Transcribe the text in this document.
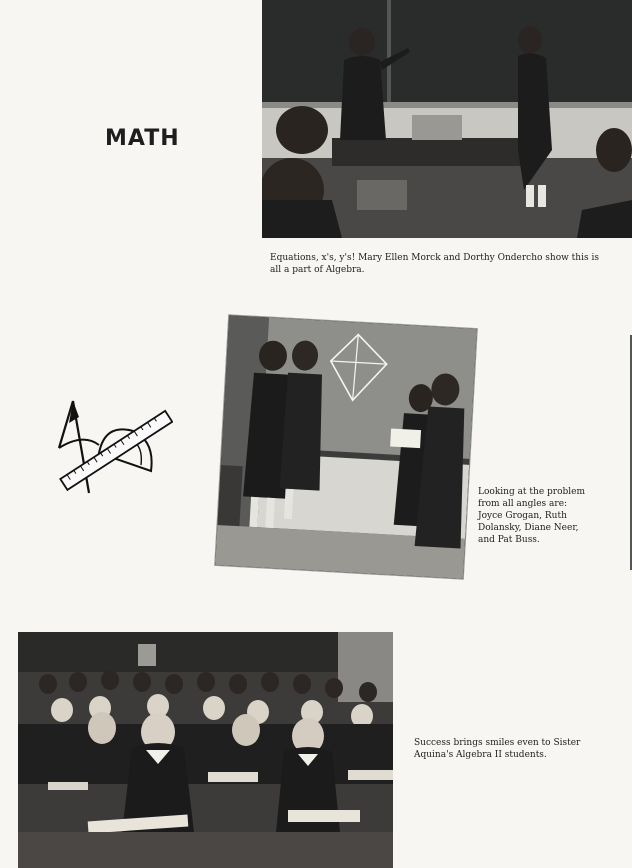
MATH

Equations, x's, y's! Mary Ellen Morck and Dorthy Ondercho show this is all a part of Algebra.

Looking at the problem from all angles are: Joyce Grogan, Ruth Dolansky, Diane Neer, and Pat Buss.

Success brings smiles even to Sister Aquina's Algebra II students.
